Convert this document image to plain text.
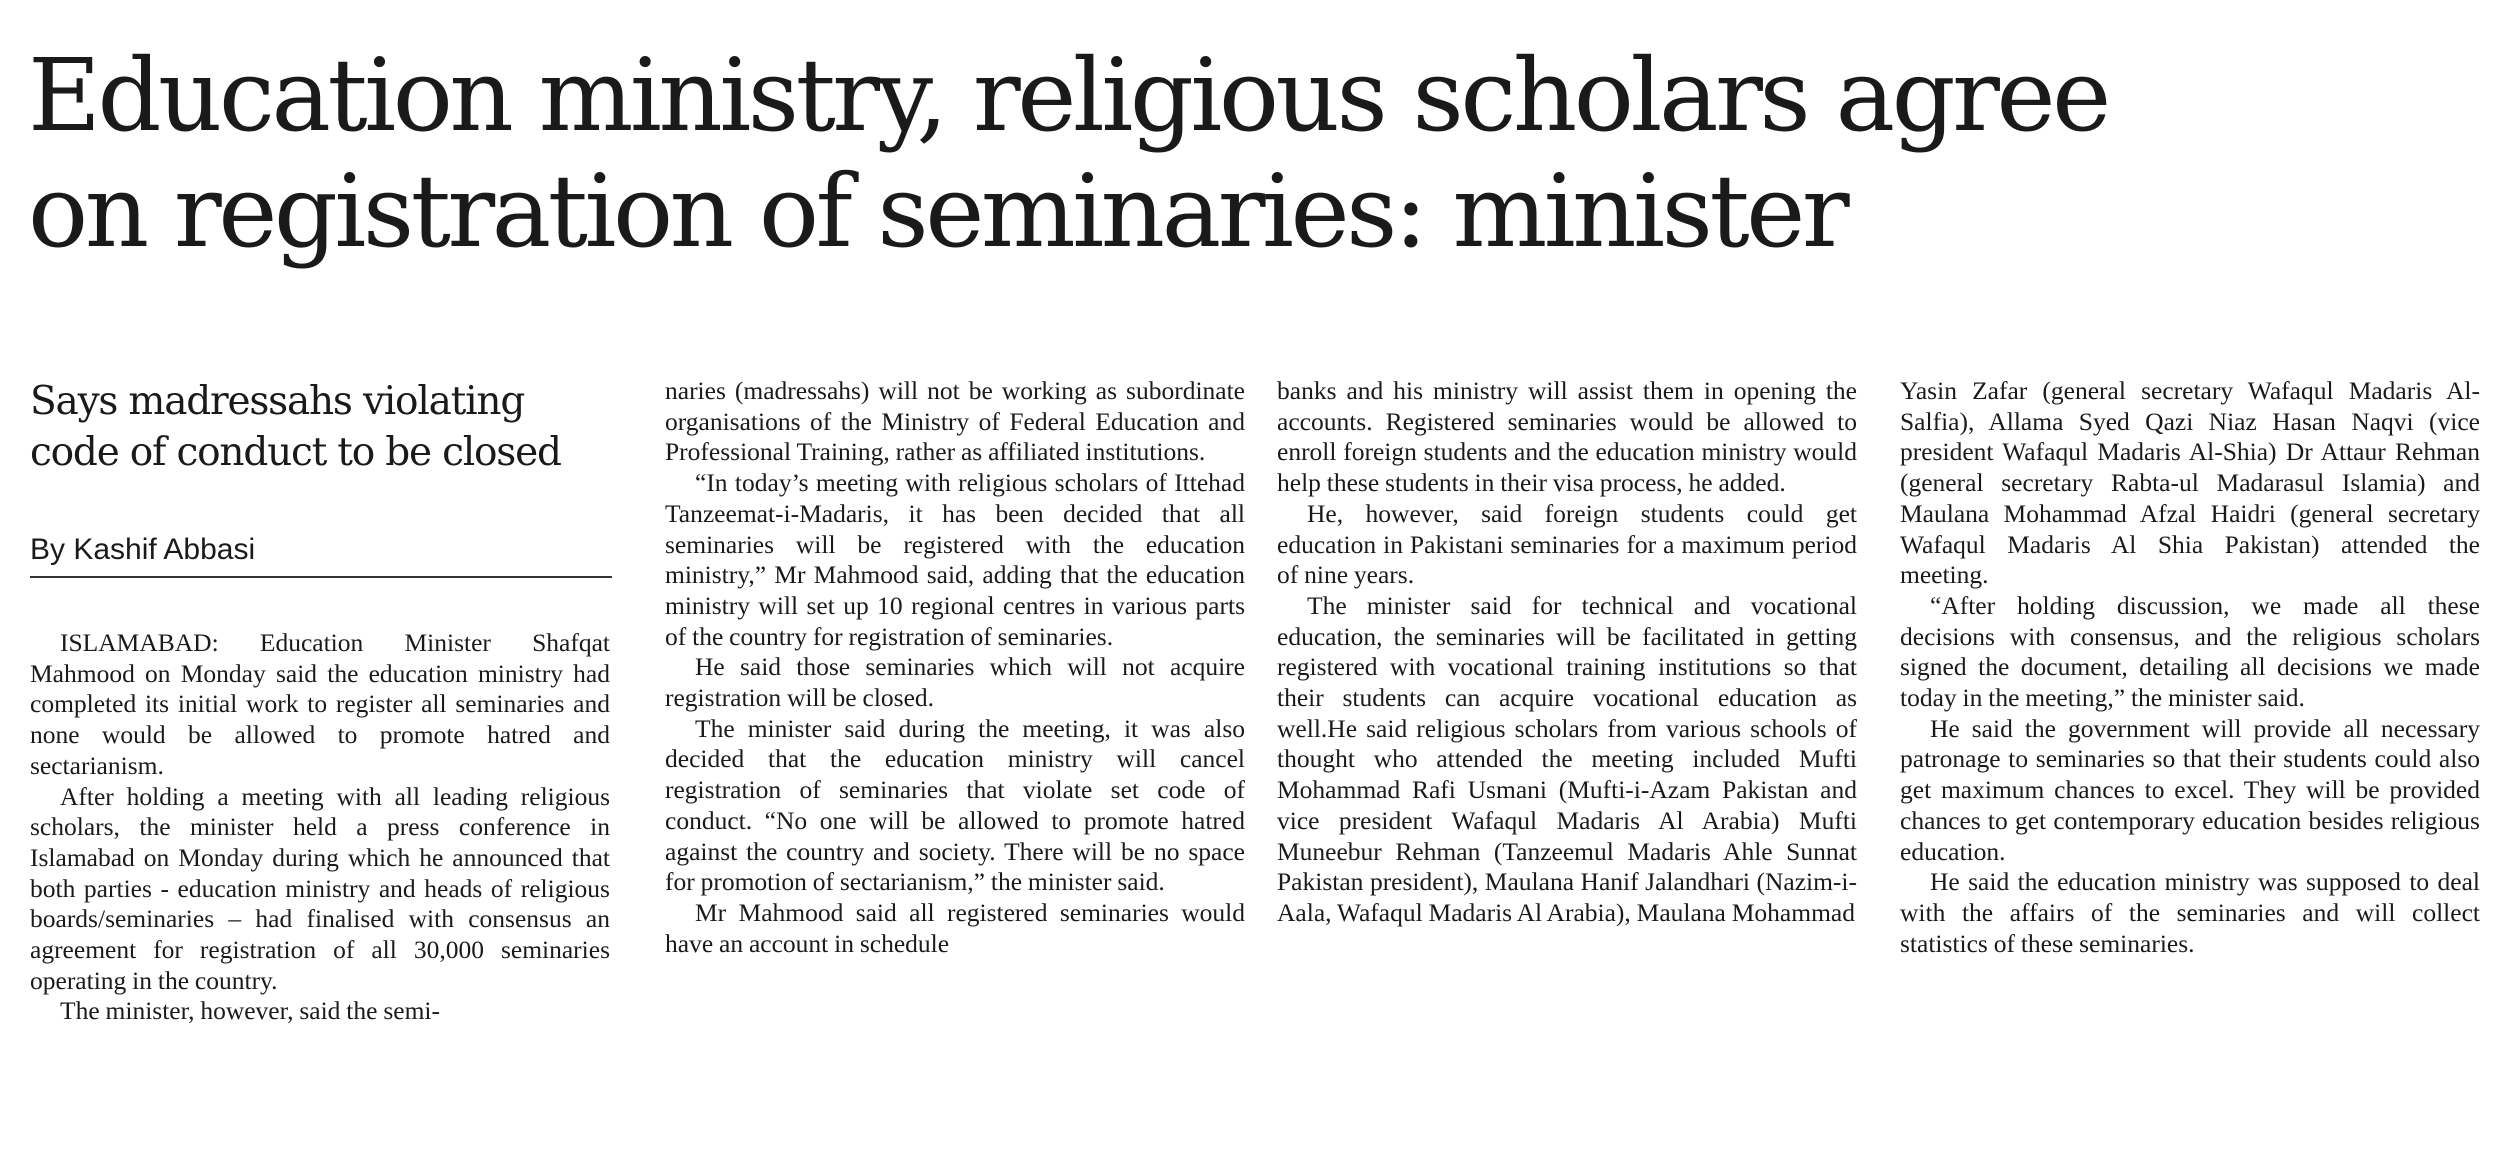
Education ministry, religious scholars agree
on registration of seminaries: minister
Says madressahs violating code of conduct to be closed
By Kashif Abbasi

ISLAMABAD: Education Minister Shafqat Mahmood on Monday said the education ministry had completed its initial work to register all seminaries and none would be allowed to promote hatred and sectarianism.

After holding a meeting with all leading religious scholars, the minister held a press conference in Islamabad on Monday during which he announced that both parties - education ministry and heads of religious boards/seminaries – had finalised with consensus an agreement for registration of all 30,000 seminaries operating in the country.

The minister, however, said the semi-

naries (madressahs) will not be working as subordinate organisations of the Ministry of Federal Education and Professional Training, rather as affiliated institutions.

“In today’s meeting with religious scholars of Ittehad Tanzeemat-i-Madaris, it has been decided that all seminaries will be registered with the education ministry,” Mr Mahmood said, adding that the education ministry will set up 10 regional centres in various parts of the country for registration of seminaries.

He said those seminaries which will not acquire registration will be closed.

The minister said during the meeting, it was also decided that the education ministry will cancel registration of seminaries that violate set code of conduct. “No one will be allowed to promote hatred against the country and society. There will be no space for promotion of sectarianism,” the minister said.

Mr Mahmood said all registered seminaries would have an account in schedule

banks and his ministry will assist them in opening the accounts. Registered seminaries would be allowed to enroll foreign students and the education ministry would help these students in their visa process, he added.

He, however, said foreign students could get education in Pakistani seminaries for a maximum period of nine years.

The minister said for technical and vocational education, the seminaries will be facilitated in getting registered with vocational training institutions so that their students can acquire vocational education as well.He said religious scholars from various schools of thought who attended the meeting included Mufti Mohammad Rafi Usmani (Mufti-i-Azam Pakistan and vice president Wafaqul Madaris Al Arabia) Mufti Muneebur Rehman (Tanzeemul Madaris Ahle Sunnat Pakistan president), Maulana Hanif Jalandhari (Nazim-i-Aala, Wafaqul Madaris Al Arabia), Maulana Mohammad

Yasin Zafar (general secretary Wafaqul Madaris Al-Salfia), Allama Syed Qazi Niaz Hasan Naqvi (vice president Wafaqul Madaris Al-Shia) Dr Attaur Rehman (general secretary Rabta-ul Madarasul Islamia) and Maulana Mohammad Afzal Haidri (general secretary Wafaqul Madaris Al Shia Pakistan) attended the meeting.

“After holding discussion, we made all these decisions with consensus, and the religious scholars signed the document, detailing all decisions we made today in the meeting,” the minister said.

He said the government will provide all necessary patronage to seminaries so that their students could also get maximum chances to excel. They will be provided chances to get contemporary education besides religious education.

He said the education ministry was supposed to deal with the affairs of the seminaries and will collect statistics of these seminaries.
